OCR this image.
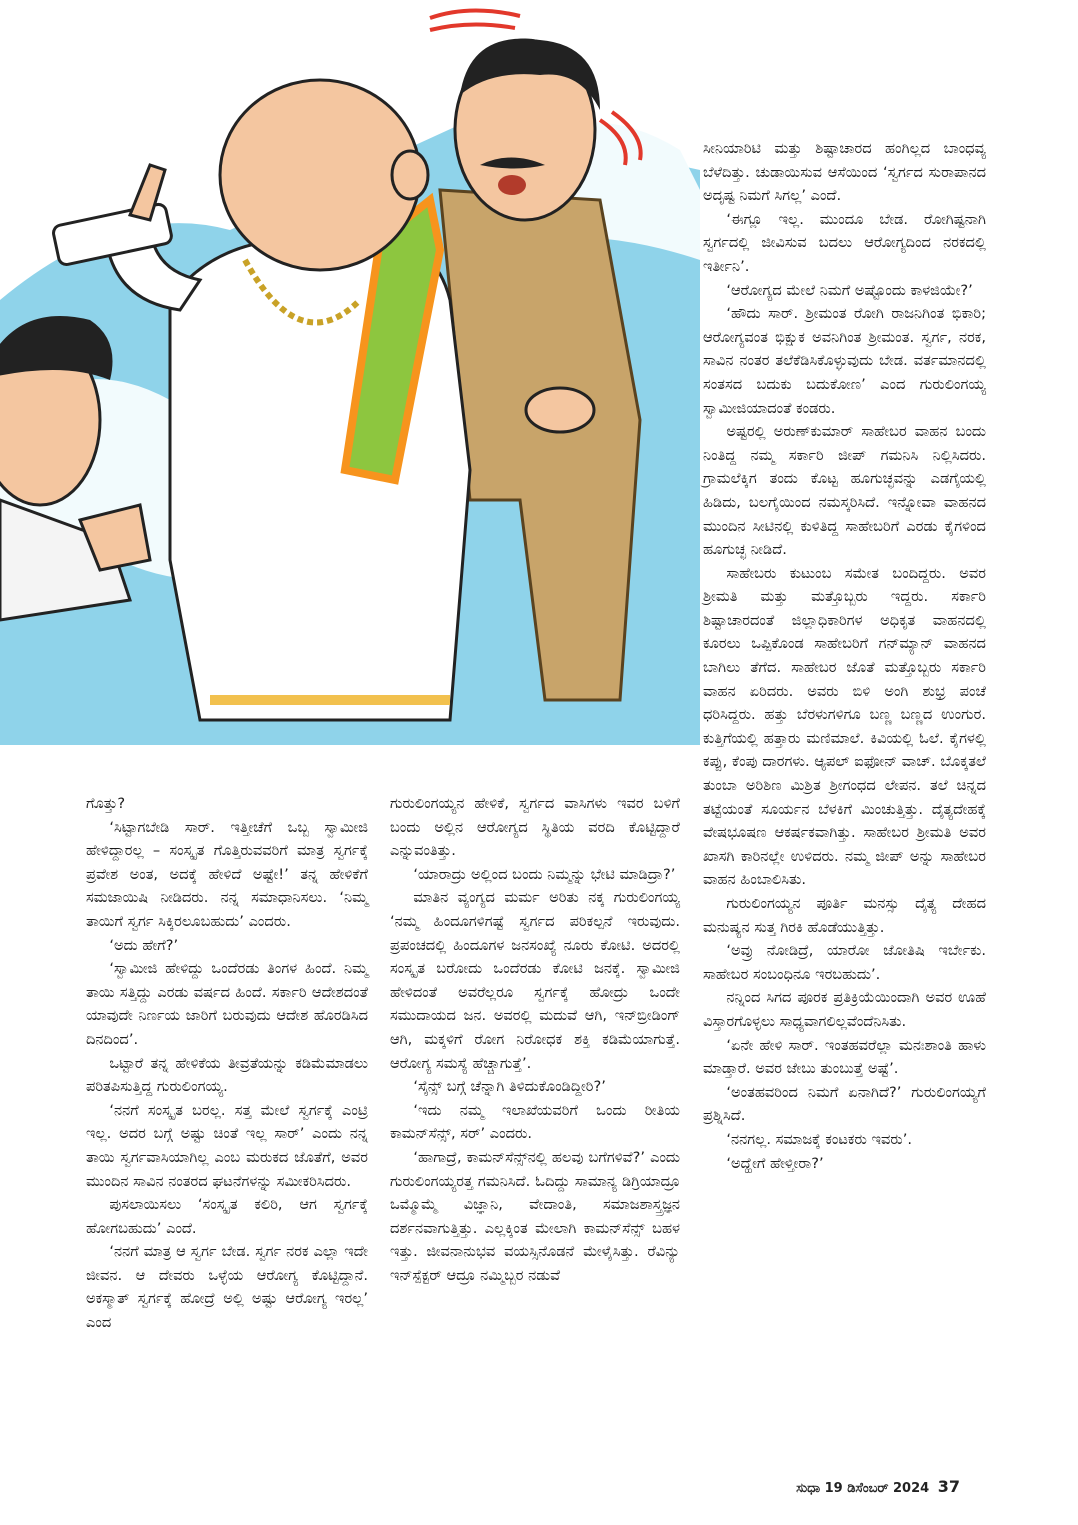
ಗೊತ್ತು?

‘ಸಿಟ್ಟಾಗಬೇಡಿ ಸಾರ್. ಇತ್ತೀಚೆಗೆ ಒಬ್ಬ ಸ್ವಾಮೀಜಿ ಹೇಳಿದ್ದಾರಲ್ಲ – ಸಂಸ್ಕೃತ ಗೊತ್ತಿರುವವರಿಗೆ ಮಾತ್ರ ಸ್ವರ್ಗಕ್ಕೆ ಪ್ರವೇಶ ಅಂತ, ಅದಕ್ಕೆ ಹೇಳಿದೆ ಅಷ್ಟೇ!’ ತನ್ನ ಹೇಳಿಕೆಗೆ ಸಮಜಾಯಿಷಿ ನೀಡಿದರು. ನನ್ನ ಸಮಾಧಾನಿಸಲು. ‘ನಿಮ್ಮ ತಾಯಿಗೆ ಸ್ವರ್ಗ ಸಿಕ್ಕಿರಲೂಬಹುದು’ ಎಂದರು.

‘ಅದು ಹೇಗೆ?’

‘ಸ್ವಾಮೀಜಿ ಹೇಳಿದ್ದು ಒಂದೆರಡು ತಿಂಗಳ ಹಿಂದೆ. ನಿಮ್ಮ ತಾಯಿ ಸತ್ತಿದ್ದು ಎರಡು ವರ್ಷದ ಹಿಂದೆ. ಸರ್ಕಾರಿ ಆದೇಶದಂತೆ ಯಾವುದೇ ನಿರ್ಣಯ ಜಾರಿಗೆ ಬರುವುದು ಆದೇಶ ಹೊರಡಿಸಿದ ದಿನದಿಂದ’.

ಒಟ್ಟಾರೆ ತನ್ನ ಹೇಳಿಕೆಯ ತೀವ್ರತೆಯನ್ನು ಕಡಿಮೆಮಾಡಲು ಪರಿತಪಿಸುತ್ತಿದ್ದ ಗುರುಲಿಂಗಯ್ಯ.

‘ನನಗೆ ಸಂಸ್ಕೃತ ಬರಲ್ಲ. ಸತ್ತ ಮೇಲೆ ಸ್ವರ್ಗಕ್ಕೆ ಎಂಟ್ರಿ ಇಲ್ಲ. ಅದರ ಬಗ್ಗೆ ಅಷ್ಟು ಚಿಂತೆ ಇಲ್ಲ ಸಾರ್’ ಎಂದು ನನ್ನ ತಾಯಿ ಸ್ವರ್ಗವಾಸಿಯಾಗಿಲ್ಲ ಎಂಬ ಮರುಕದ ಜೊತೆಗೆ, ಅವರ ಮುಂದಿನ ಸಾವಿನ ನಂತರದ ಘಟನೆಗಳನ್ನು ಸಮೀಕರಿಸಿದರು.

ಪುಸಲಾಯಿಸಲು ‘ಸಂಸ್ಕೃತ ಕಲಿರಿ, ಆಗ ಸ್ವರ್ಗಕ್ಕೆ ಹೋಗಬಹುದು’ ಎಂದೆ.

‘ನನಗೆ ಮಾತ್ರ ಆ ಸ್ವರ್ಗ ಬೇಡ. ಸ್ವರ್ಗ ನರಕ ಎಲ್ಲಾ ಇದೇ ಜೀವನ. ಆ ದೇವರು ಒಳ್ಳೆಯ ಆರೋಗ್ಯ ಕೊಟ್ಟಿದ್ದಾನೆ. ಅಕಸ್ಮಾತ್ ಸ್ವರ್ಗಕ್ಕೆ ಹೋದ್ರೆ ಅಲ್ಲಿ ಅಷ್ಟು ಆರೋಗ್ಯ ಇರಲ್ಲ’ ಎಂದ

ಗುರುಲಿಂಗಯ್ಯನ ಹೇಳಿಕೆ, ಸ್ವರ್ಗದ ವಾಸಿಗಳು ಇವರ ಬಳಿಗೆ ಬಂದು ಅಲ್ಲಿನ ಆರೋಗ್ಯದ ಸ್ಥಿತಿಯ ವರದಿ ಕೊಟ್ಟಿದ್ದಾರೆ ಎನ್ನುವಂತಿತ್ತು.

‘ಯಾರಾದ್ರು ಅಲ್ಲಿಂದ ಬಂದು ನಿಮ್ಮನ್ನು ಭೇಟಿ ಮಾಡಿದ್ರಾ?’

ಮಾತಿನ ವ್ಯಂಗ್ಯದ ಮರ್ಮ ಅರಿತು ನಕ್ಕ ಗುರುಲಿಂಗಯ್ಯ ‘ನಮ್ಮ ಹಿಂದೂಗಳಿಗಷ್ಟೆ ಸ್ವರ್ಗದ ಪರಿಕಲ್ಪನೆ ಇರುವುದು. ಪ್ರಪಂಚದಲ್ಲಿ ಹಿಂದೂಗಳ ಜನಸಂಖ್ಯೆ ನೂರು ಕೋಟಿ. ಅದರಲ್ಲಿ ಸಂಸ್ಕೃತ ಬರೋದು ಒಂದೆರಡು ಕೋಟಿ ಜನಕ್ಕೆ. ಸ್ವಾಮೀಜಿ ಹೇಳಿದಂತೆ ಅವರೆಲ್ಲರೂ ಸ್ವರ್ಗಕ್ಕೆ ಹೋದ್ರು ಒಂದೇ ಸಮುದಾಯದ ಜನ. ಅವರಲ್ಲಿ ಮದುವೆ ಆಗಿ, ಇನ್‌ಬ್ರೀಡಿಂಗ್ ಆಗಿ, ಮಕ್ಕಳಿಗೆ ರೋಗ ನಿರೋಧಕ ಶಕ್ತಿ ಕಡಿಮೆಯಾಗುತ್ತೆ. ಆರೋಗ್ಯ ಸಮಸ್ಯೆ ಹೆಚ್ಚಾಗುತ್ತೆ’.

‘ಸೈನ್ಸ್ ಬಗ್ಗೆ ಚೆನ್ನಾಗಿ ತಿಳಿದುಕೊಂಡಿದ್ದೀರಿ?’

‘ಇದು ನಮ್ಮ ಇಲಾಖೆಯವರಿಗೆ ಒಂದು ರೀತಿಯ ಕಾಮನ್‌ಸೆನ್ಸ್, ಸರ್’ ಎಂದರು.

‘ಹಾಗಾದ್ರೆ, ಕಾಮನ್‌ಸೆನ್ಸ್‌ನಲ್ಲಿ ಹಲವು ಬಗೆಗಳಿವೆ?’ ಎಂದು ಗುರುಲಿಂಗಯ್ಯರತ್ತ ಗಮನಿಸಿದೆ. ಓದಿದ್ದು ಸಾಮಾನ್ಯ ಡಿಗ್ರಿಯಾದ್ರೂ ಒಮ್ಮೊಮ್ಮೆ ವಿಜ್ಞಾನಿ, ವೇದಾಂತಿ, ಸಮಾಜಶಾಸ್ತ್ರಜ್ಞನ ದರ್ಶನವಾಗುತ್ತಿತ್ತು. ಎಲ್ಲಕ್ಕಿಂತ ಮೇಲಾಗಿ ಕಾಮನ್‌ಸೆನ್ಸ್ ಬಹಳ ಇತ್ತು. ಜೀವನಾನುಭವ ವಯಸ್ಸಿನೊಡನೆ ಮೇಳೈಸಿತ್ತು. ರೆವಿನ್ಯು ಇನ್‌ಸ್ಪೆಕ್ಟರ್ ಆದ್ರೂ ನಮ್ಮಿಬ್ಬರ ನಡುವೆ

ಸೀನಿಯಾರಿಟಿ ಮತ್ತು ಶಿಷ್ಟಾಚಾರದ ಹಂಗಿಲ್ಲದ ಬಾಂಧವ್ಯ ಬೆಳೆದಿತ್ತು. ಚುಡಾಯಿಸುವ ಆಸೆಯಿಂದ ‘ಸ್ವರ್ಗದ ಸುರಾಪಾನದ ಅದೃಷ್ಟ ನಿಮಗೆ ಸಿಗಲ್ಲ’ ಎಂದೆ.

‘ಈಗ್ಲೂ ಇಲ್ಲ. ಮುಂದೂ ಬೇಡ. ರೋಗಿಷ್ಟನಾಗಿ ಸ್ವರ್ಗದಲ್ಲಿ ಜೀವಿಸುವ ಬದಲು ಆರೋಗ್ಯದಿಂದ ನರಕದಲ್ಲಿ ಇರ್ತೀನಿ’.

‘ಆರೋಗ್ಯದ ಮೇಲೆ ನಿಮಗೆ ಅಷ್ಟೊಂದು ಕಾಳಜಿಯೇ?’

‘ಹೌದು ಸಾರ್. ಶ್ರೀಮಂತ ರೋಗಿ ರಾಜನಿಗಿಂತ ಭಿಕಾರಿ; ಆರೋಗ್ಯವಂತ ಭಿಕ್ಷುಕ ಅವನಿಗಿಂತ ಶ್ರೀಮಂತ. ಸ್ವರ್ಗ, ನರಕ, ಸಾವಿನ ನಂತರ ತಲೆಕೆಡಿಸಿಕೊಳ್ಳುವುದು ಬೇಡ. ವರ್ತಮಾನದಲ್ಲಿ ಸಂತಸದ ಬದುಕು ಬದುಕೋಣ’ ಎಂದ ಗುರುಲಿಂಗಯ್ಯ ಸ್ವಾಮೀಜಿಯಾದಂತೆ ಕಂಡರು.

ಅಷ್ಟರಲ್ಲಿ ಅರುಣ್‌ಕುಮಾರ್ ಸಾಹೇಬರ ವಾಹನ ಬಂದು ನಿಂತಿದ್ದ ನಮ್ಮ ಸರ್ಕಾರಿ ಜೀಪ್ ಗಮನಿಸಿ ನಿಲ್ಲಿಸಿದರು. ಗ್ರಾಮಲೆಕ್ಕಿಗ ತಂದು ಕೊಟ್ಟ ಹೂಗುಚ್ಛವನ್ನು ಎಡಗೈಯಲ್ಲಿ ಹಿಡಿದು, ಬಲಗೈಯಿಂದ ನಮಸ್ಕರಿಸಿದೆ. ಇನ್ನೋವಾ ವಾಹನದ ಮುಂದಿನ ಸೀಟಿನಲ್ಲಿ ಕುಳಿತಿದ್ದ ಸಾಹೇಬರಿಗೆ ಎರಡು ಕೈಗಳಿಂದ ಹೂಗುಚ್ಛ ನೀಡಿದೆ.

ಸಾಹೇಬರು ಕುಟುಂಬ ಸಮೇತ ಬಂದಿದ್ದರು. ಅವರ ಶ್ರೀಮತಿ ಮತ್ತು ಮತ್ತೊಬ್ಬರು ಇದ್ದರು. ಸರ್ಕಾರಿ ಶಿಷ್ಟಾಚಾರದಂತೆ ಜಿಲ್ಲಾಧಿಕಾರಿಗಳ ಅಧಿಕೃತ ವಾಹನದಲ್ಲಿ ಕೂರಲು ಒಪ್ಪಿಕೊಂಡ ಸಾಹೇಬರಿಗೆ ಗನ್‌ಮ್ಯಾನ್ ವಾಹನದ ಬಾಗಿಲು ತೆಗೆದ. ಸಾಹೇಬರ ಜೊತೆ ಮತ್ತೊಬ್ಬರು ಸರ್ಕಾರಿ ವಾಹನ ಏರಿದರು. ಅವರು ಬಿಳಿ ಅಂಗಿ ಶುಭ್ರ ಪಂಚೆ ಧರಿಸಿದ್ದರು. ಹತ್ತು ಬೆರಳುಗಳಿಗೂ ಬಣ್ಣ ಬಣ್ಣದ ಉಂಗುರ. ಕುತ್ತಿಗೆಯಲ್ಲಿ ಹತ್ತಾರು ಮಣಿಮಾಲೆ. ಕಿವಿಯಲ್ಲಿ ಓಲೆ. ಕೈಗಳಲ್ಲಿ ಕಪ್ಪು, ಕೆಂಪು ದಾರಗಳು. ಆ್ಯಪಲ್ ಐಫೋನ್ ವಾಚ್. ಬೊಕ್ಕತಲೆ ತುಂಬಾ ಅರಿಶಿಣ ಮಿಶ್ರಿತ ಶ್ರೀಗಂಧದ ಲೇಪನ. ತಲೆ ಚಿನ್ನದ ತಟ್ಟೆಯಂತೆ ಸೂರ್ಯನ ಬೆಳಕಿಗೆ ಮಿಂಚುತ್ತಿತ್ತು. ದೈತ್ಯದೇಹಕ್ಕೆ ವೇಷಭೂಷಣ ಆಕರ್ಷಕವಾಗಿತ್ತು. ಸಾಹೇಬರ ಶ್ರೀಮತಿ ಅವರ ಖಾಸಗಿ ಕಾರಿನಲ್ಲೇ ಉಳಿದರು. ನಮ್ಮ ಜೀಪ್ ಅನ್ನು ಸಾಹೇಬರ ವಾಹನ ಹಿಂಬಾಲಿಸಿತು.

ಗುರುಲಿಂಗಯ್ಯನ ಪೂರ್ತಿ ಮನಸ್ಸು ದೈತ್ಯ ದೇಹದ ಮನುಷ್ಯನ ಸುತ್ತ ಗಿರಕಿ ಹೊಡೆಯುತ್ತಿತ್ತು.

‘ಅವ್ರು ನೋಡಿದ್ರೆ, ಯಾರೋ ಜೋತಿಷಿ ಇರ್ಬೇಕು. ಸಾಹೇಬರ ಸಂಬಂಧಿನೂ ಇರಬಹುದು’.

ನನ್ನಿಂದ ಸಿಗದ ಪೂರಕ ಪ್ರತಿಕ್ರಿಯೆಯಿಂದಾಗಿ ಅವರ ಊಹೆ ವಿಸ್ತಾರಗೊಳ್ಳಲು ಸಾಧ್ಯವಾಗಲಿಲ್ಲವೆಂದೆನಿಸಿತು.

‘ಏನೇ ಹೇಳಿ ಸಾರ್. ಇಂತಹವರೆಲ್ಲಾ ಮನಃಶಾಂತಿ ಹಾಳು ಮಾಡ್ತಾರೆ. ಅವರ ಜೇಬು ತುಂಬುತ್ತೆ ಅಷ್ಟೆ’.

‘ಅಂತಹವರಿಂದ ನಿಮಗೆ ಏನಾಗಿದೆ?’ ಗುರುಲಿಂಗಯ್ಯಗೆ ಪ್ರಶ್ನಿಸಿದೆ.

‘ನನಗಲ್ಲ. ಸಮಾಜಕ್ಕೆ ಕಂಟಕರು ಇವರು’.

‘ಅದ್ಹೇಗೆ ಹೇಳ್ತೀರಾ?’

ಸುಧಾ 19 ಡಿಸೆಂಬರ್ 2024 37
